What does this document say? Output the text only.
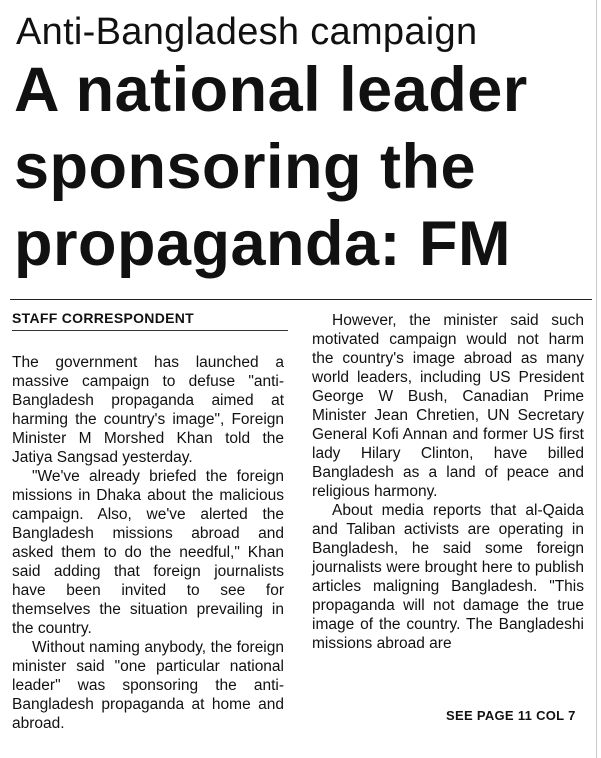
Anti-Bangladesh campaign
A national leader
sponsoring the
propaganda: FM
STAFF CORRESPONDENT

The government has launched a massive campaign to defuse "anti-Bangladesh propaganda aimed at harming the country's image", Foreign Minister M Morshed Khan told the Jatiya Sangsad yesterday.

"We've already briefed the foreign missions in Dhaka about the malicious campaign. Also, we've alerted the Bangladesh missions abroad and asked them to do the needful," Khan said adding that foreign journalists have been invited to see for themselves the situation prevailing in the country.

Without naming anybody, the foreign minister said "one particular national leader" was sponsoring the anti-Bangladesh propaganda at home and abroad.

However, the minister said such motivated campaign would not harm the country's image abroad as many world leaders, including US President George W Bush, Canadian Prime Minister Jean Chretien, UN Secretary General Kofi Annan and former US first lady Hilary Clinton, have billed Bangladesh as a land of peace and religious harmony.

About media reports that al-Qaida and Taliban activists are operating in Bangladesh, he said some foreign journalists were brought here to publish articles maligning Bangladesh. "This propaganda will not damage the true image of the country. The Bangladeshi missions abroad are

SEE PAGE 11 COL 7
